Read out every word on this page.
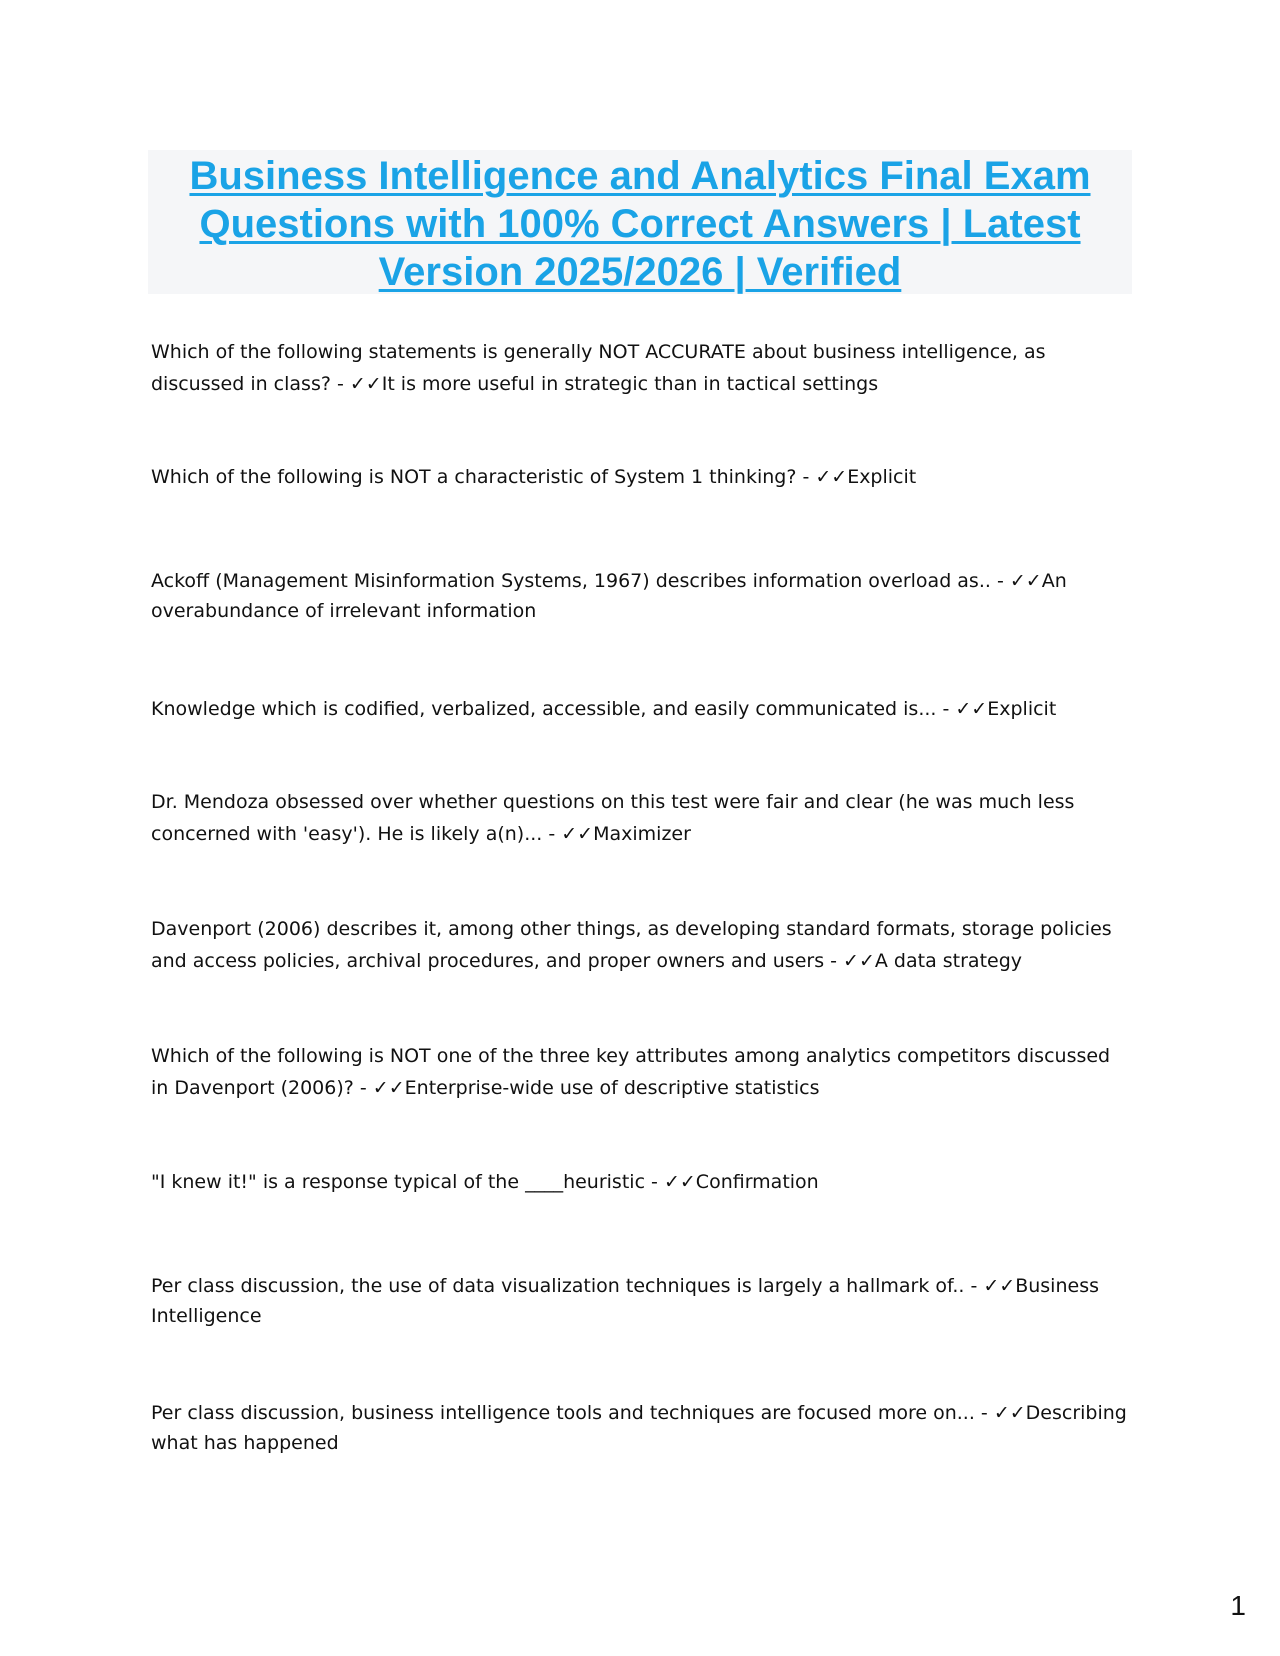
Business Intelligence and Analytics Final Exam Questions with 100% Correct Answers | Latest Version 2025/2026 | Verified
Which of the following statements is generally NOT ACCURATE about business intelligence, as discussed in class? - ✓✓It is more useful in strategic than in tactical settings
Which of the following is NOT a characteristic of System 1 thinking? - ✓✓Explicit
Ackoff (Management Misinformation Systems, 1967) describes information overload as.. - ✓✓An overabundance of irrelevant information
Knowledge which is codified, verbalized, accessible, and easily communicated is... - ✓✓Explicit
Dr. Mendoza obsessed over whether questions on this test were fair and clear (he was much less concerned with 'easy'). He is likely a(n)... - ✓✓Maximizer
Davenport (2006) describes it, among other things, as developing standard formats, storage policies and access policies, archival procedures, and proper owners and users - ✓✓A data strategy
Which of the following is NOT one of the three key attributes among analytics competitors discussed in Davenport (2006)? - ✓✓Enterprise-wide use of descriptive statistics
"I knew it!" is a response typical of the ____heuristic - ✓✓Confirmation
Per class discussion, the use of data visualization techniques is largely a hallmark of.. - ✓✓Business Intelligence
Per class discussion, business intelligence tools and techniques are focused more on... - ✓✓Describing what has happened
1
